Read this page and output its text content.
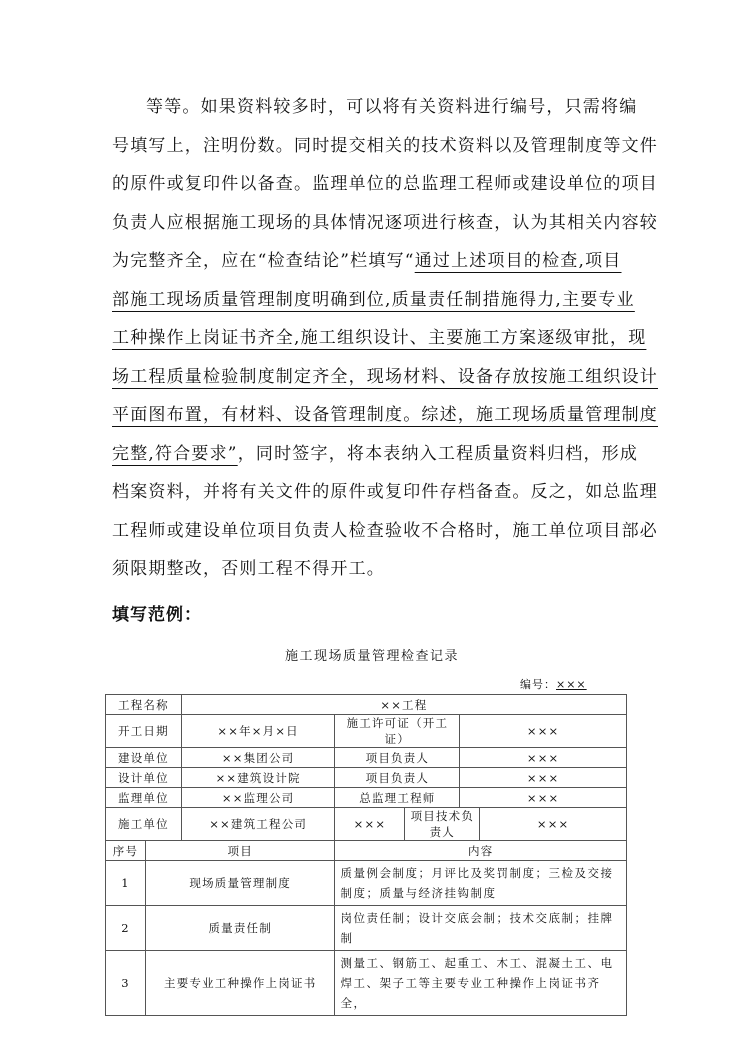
等等。如果资料较多时，可以将有关资料进行编号，只需将编
号填写上，注明份数。同时提交相关的技术资料以及管理制度等文件
的原件或复印件以备查。监理单位的总监理工程师或建设单位的项目
负责人应根据施工现场的具体情况逐项进行核查，认为其相关内容较
为完整齐全，应在“检查结论”栏填写“通过上述项目的检查,项目
部施工现场质量管理制度明确到位,质量责任制措施得力,主要专业
工种操作上岗证书齐全,施工组织设计、主要施工方案逐级审批，现
场工程质量检验制度制定齐全，现场材料、设备存放按施工组织设计
平面图布置，有材料、设备管理制度。综述，施工现场质量管理制度
完整,符合要求”，同时签字，将本表纳入工程质量资料归档，形成
档案资料，并将有关文件的原件或复印件存档备查。反之，如总监理
工程师或建设单位项目负责人检查验收不合格时，施工单位项目部必
须限期整改，否则工程不得开工。
填写范例：
施工现场质量管理检查记录
编号：×××
工程名称		××工程				
开工日期		××年×月×日	施工许可证（开工证）		×××	
建设单位		××集团公司	项目负责人		×××	
设计单位		××建筑设计院	项目负责人		×××	
监理单位		××监理公司	总监理工程师		×××	
施工单位		××建筑工程公司	×××	项目技术负责人		×××
序号	项目		内容			
1	现场质量管理制度		质量例会制度；月评比及奖罚制度；三检及交接制度；质量与经济挂钩制度			
2	质量责任制		岗位责任制；设计交底会制；技术交底制；挂牌制			
3	主要专业工种操作上岗证书		测量工、钢筋工、起重工、木工、混凝土工、电焊工、架子工等主要专业工种操作上岗证书齐全，			
